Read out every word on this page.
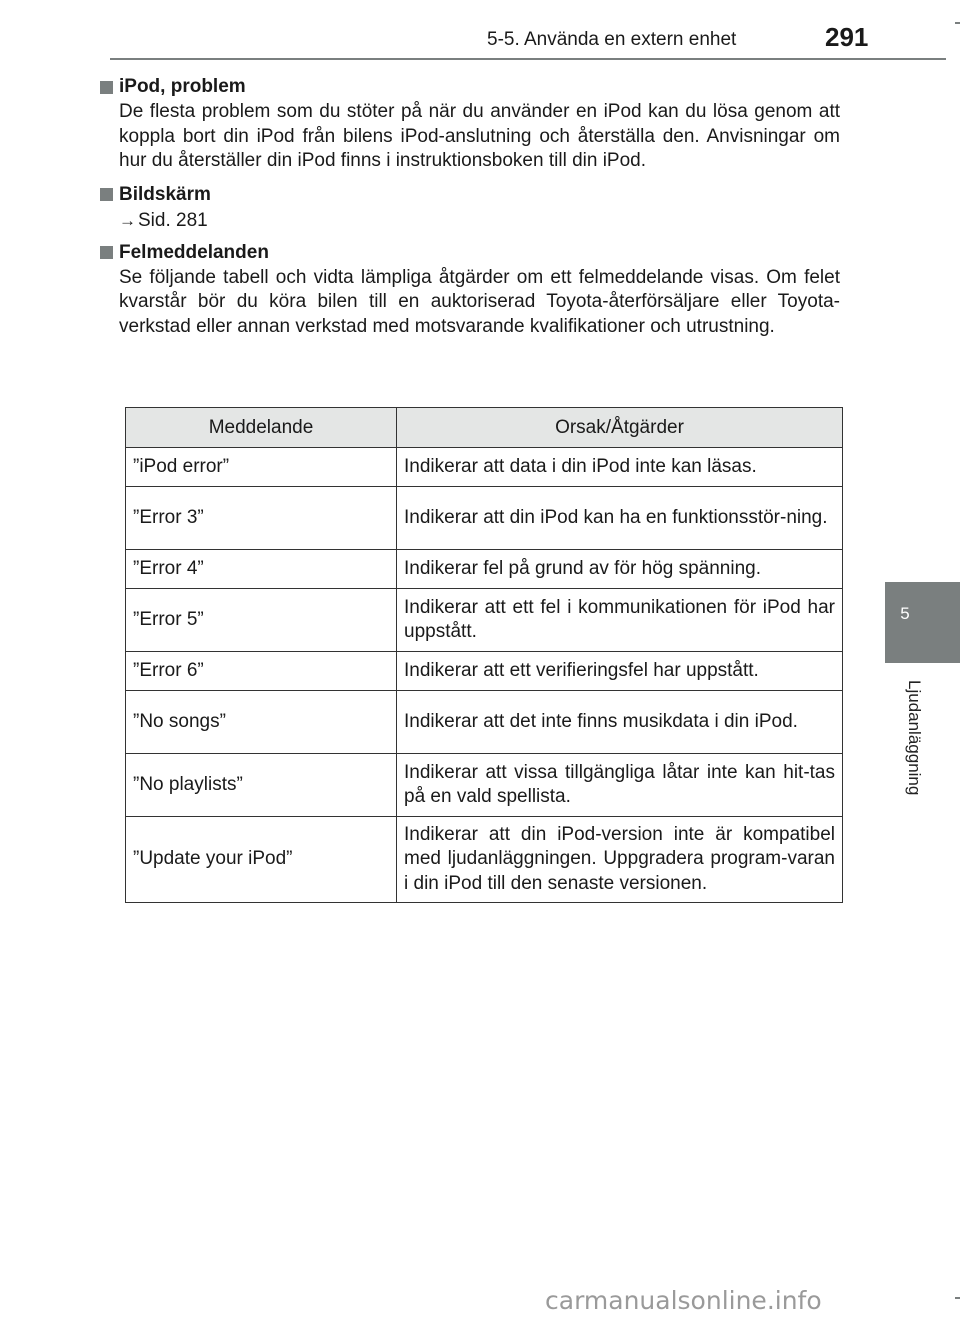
5-5. Använda en extern enhet	291
5
Ljudanläggning

iPod, problem

De flesta problem som du stöter på när du använder en iPod kan du lösa genom att koppla bort din iPod från bilens iPod-anslutning och återställa den. Anvisningar om hur du återställer din iPod finns i instruktionsboken till din iPod.

Bildskärm

→ Sid. 281

Felmeddelanden

Se följande tabell och vidta lämpliga åtgärder om ett felmeddelande visas. Om felet kvarstår bör du köra bilen till en auktoriserad Toyota-återförsäljare eller Toyota-verkstad eller annan verkstad med motsvarande kvalifikationer och utrustning.

Meddelande	Orsak/Åtgärder
”iPod error”	Indikerar att data i din iPod inte kan läsas.
”Error 3”	Indikerar att din iPod kan ha en funktionsstör-ning.
”Error 4”	Indikerar fel på grund av för hög spänning.
”Error 5”	Indikerar att ett fel i kommunikationen för iPod har uppstått.
”Error 6”	Indikerar att ett verifieringsfel har uppstått.
”No songs”	Indikerar att det inte finns musikdata i din iPod.
”No playlists”	Indikerar att vissa tillgängliga låtar inte kan hit-tas på en vald spellista.
”Update your iPod”	Indikerar att din iPod-version inte är kompatibel med ljudanläggningen. Uppgradera program-varan i din iPod till den senaste versionen.
carmanualsonline.info
